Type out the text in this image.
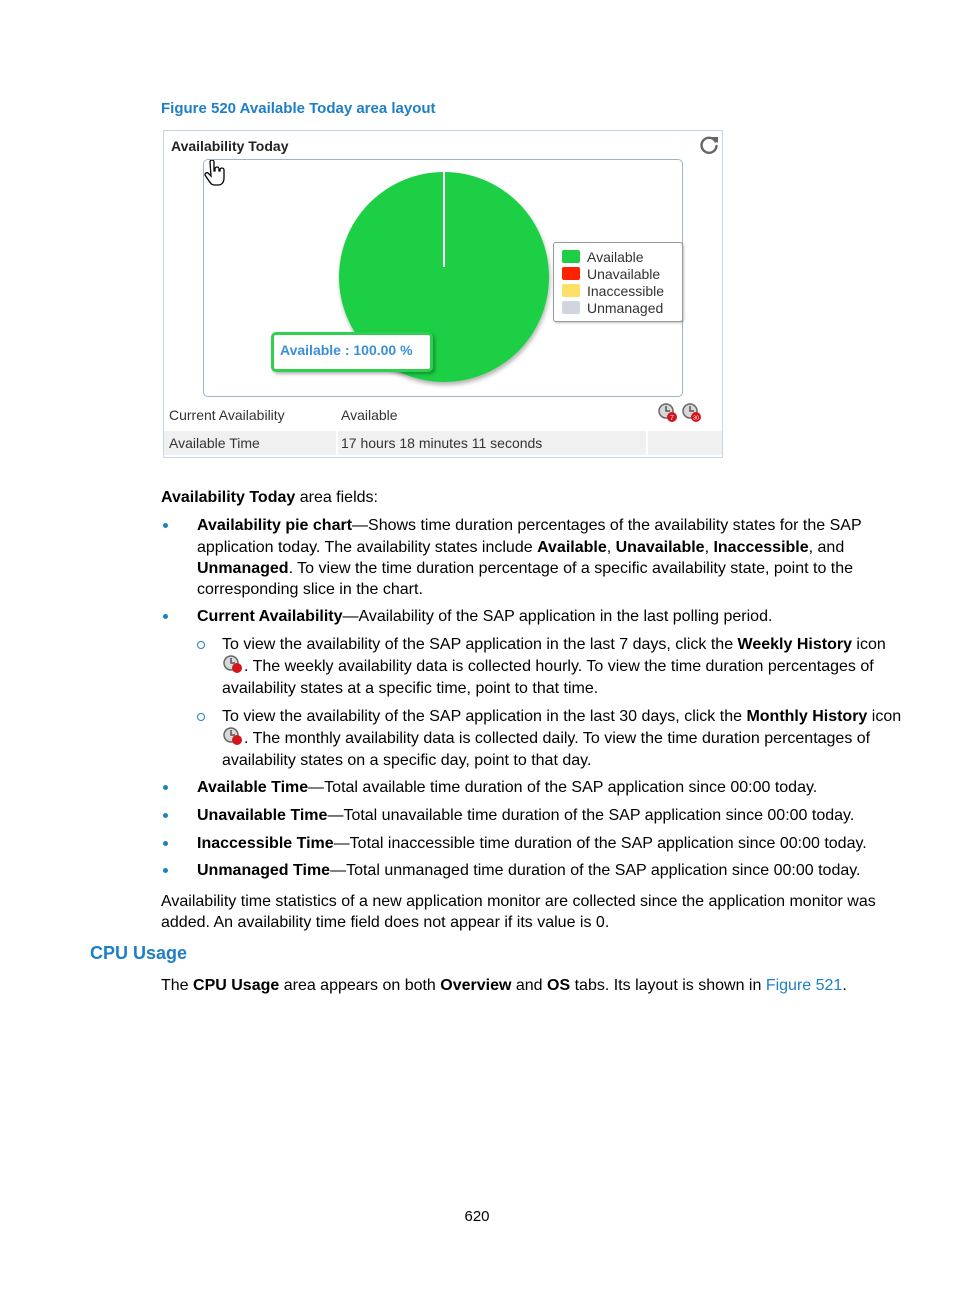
Figure 520 Available Today area layout
Availability Today
Available
Unavailable
Inaccessible
Unmanaged
Available : 100.00 %
Current Availability	Available	7	30
Available Time	17 hours 18 minutes 11 seconds
Availability Today area fields:
Availability pie chart—Shows time duration percentages of the availability states for the SAP
application today. The availability states include Available, Unavailable, Inaccessible, and
Unmanaged. To view the time duration percentage of a specific availability state, point to the
corresponding slice in the chart.
Current Availability—Availability of the SAP application in the last polling period.
To view the availability of the SAP application in the last 7 days, click the Weekly History icon
. The weekly availability data is collected hourly. To view the time duration percentages of
availability states at a specific time, point to that time.
To view the availability of the SAP application in the last 30 days, click the Monthly History icon
. The monthly availability data is collected daily. To view the time duration percentages of
availability states on a specific day, point to that day.
Available Time—Total available time duration of the SAP application since 00:00 today.
Unavailable Time—Total unavailable time duration of the SAP application since 00:00 today.
Inaccessible Time—Total inaccessible time duration of the SAP application since 00:00 today.
Unmanaged Time—Total unmanaged time duration of the SAP application since 00:00 today.
Availability time statistics of a new application monitor are collected since the application monitor was
added. An availability time field does not appear if its value is 0.
CPU Usage
The CPU Usage area appears on both Overview and OS tabs. Its layout is shown in Figure 521.
620
